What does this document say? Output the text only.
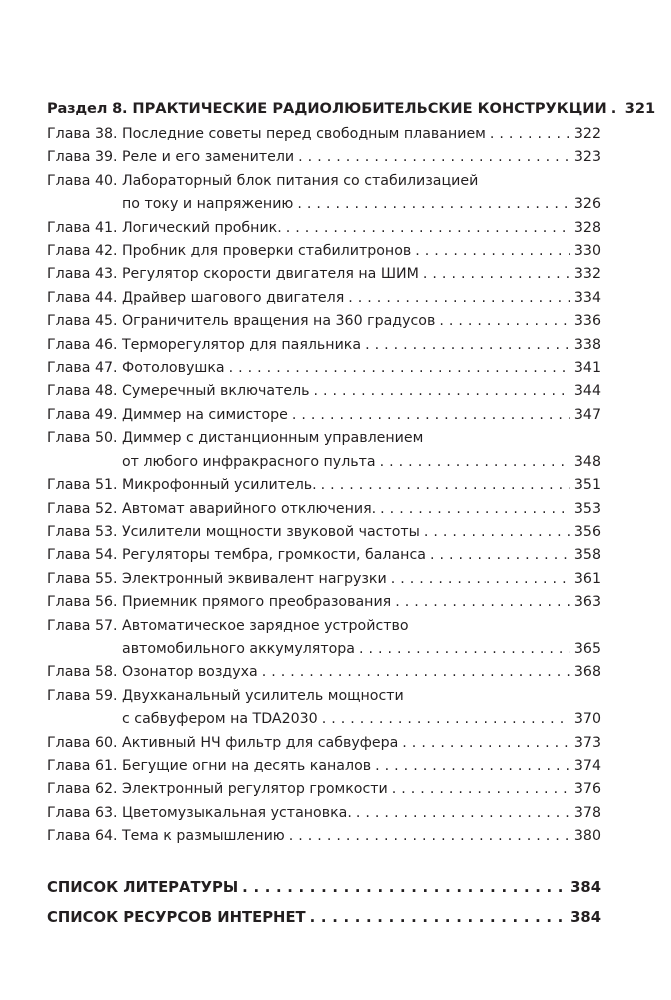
Раздел 8. ПРАКТИЧЕСКИЕ РАДИОЛЮБИТЕЛЬСКИЕ КОНСТРУКЦИИ . . . 321
Глава 38. Последние советы перед свободным плаванием . . .	322
Глава 39. Реле и его заменители . . .	323
Глава 40. Лабораторный блок питания со стабилизацией
по току и напряжению . . .	326
Глава 41. Логический пробник. . . .	328
Глава 42. Пробник для проверки стабилитронов . . .	330
Глава 43. Регулятор скорости двигателя на ШИМ . . .	332
Глава 44. Драйвер шагового двигателя . . .	334
Глава 45. Ограничитель вращения на 360 градусов . . .	336
Глава 46. Терморегулятор для паяльника . . .	338
Глава 47. Фотоловушка . . .	341
Глава 48. Сумеречный включатель . . .	344
Глава 49. Диммер на симисторе . . .	347
Глава 50. Диммер с дистанционным управлением
от любого инфракрасного пульта . . .	348
Глава 51. Микрофонный усилитель. . . .	351
Глава 52. Автомат аварийного отключения. . . .	353
Глава 53. Усилители мощности звуковой частоты . . .	356
Глава 54. Регуляторы тембра, громкости, баланса . . .	358
Глава 55. Электронный эквивалент нагрузки . . .	361
Глава 56. Приемник прямого преобразования . . .	363
Глава 57. Автоматическое зарядное устройство
автомобильного аккумулятора . . .	365
Глава 58. Озонатор воздуха . . .	368
Глава 59. Двухканальный усилитель мощности
с сабвуфером на TDA2030 . . .	370
Глава 60. Активный НЧ фильтр для сабвуфера . . .	373
Глава 61. Бегущие огни на десять каналов . . .	374
Глава 62. Электронный регулятор громкости . . .	376
Глава 63. Цветомузыкальная установка. . . .	378
Глава 64. Тема к размышлению . . .	380
СПИСОК ЛИТЕРАТУРЫ . . .	384
СПИСОК РЕСУРСОВ ИНТЕРНЕТ . . .	384
